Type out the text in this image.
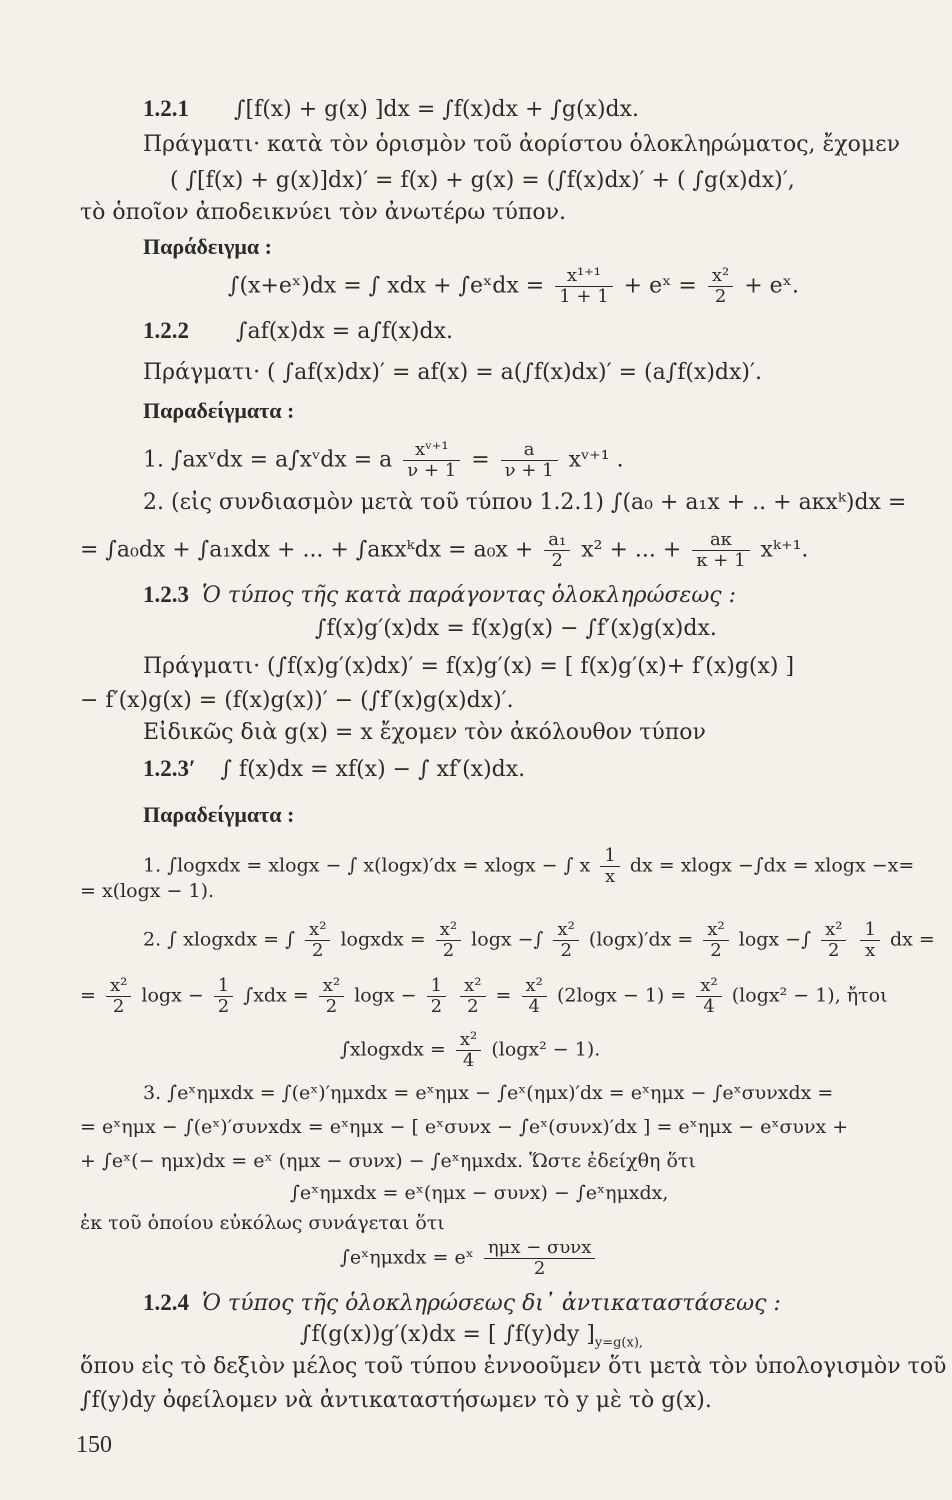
1.2.1 ∫[f(x) + g(x) ]dx = ∫f(x)dx + ∫g(x)dx.
Πράγματι· κατὰ τὸν ὁρισμὸν τοῦ ἀορίστου ὁλοκληρώματος, ἔχομεν
( ∫[f(x) + g(x)]dx)′ = f(x) + g(x) = (∫f(x)dx)′ + ( ∫g(x)dx)′,
τὸ ὁποῖον ἀποδεικνύει τὸν ἀνωτέρω τύπον.
Παράδειγμα :
∫(x+eˣ)dx = ∫ xdx + ∫eˣdx = $\frac{\text{x¹⁺¹}}{1 + 1}$ + eˣ = $\frac{\text{x²}}{2}$ + eˣ.
1.2.2 ∫af(x)dx = a∫f(x)dx.
Πράγματι· ( ∫af(x)dx)′ = af(x) = a(∫f(x)dx)′ = (a∫f(x)dx)′.
Παραδείγματα :
1. ∫axᵛdx = a∫xᵛdx = a $\frac{\text{xᵛ⁺¹}}{\nu + 1} = \frac{a}{\nu + 1}$ xᵛ⁺¹ .
2. (εἰς συνδιασμὸν μετὰ τοῦ τύπου 1.2.1) ∫(a₀ + a₁x + .. + aκxᵏ)dx =
= ∫a₀dx + ∫a₁xdx + ... + ∫aκxᵏdx = $a_0x + \frac{\text{a₁}}{2} x^2$ + ... + $\frac{a\kappa}{\kappa + 1}$ xᵏ⁺¹.
1.2.3 Ὁ τύπος τῆς κατὰ παράγοντας ὁλοκληρώσεως :
∫f(x)g′(x)dx = f(x)g(x) − ∫f′(x)g(x)dx.
Πράγματι· (∫f(x)g′(x)dx)′ = f(x)g′(x) = [ f(x)g′(x)+ f′(x)g(x) ]
− f′(x)g(x) = (f(x)g(x))′ − (∫f′(x)g(x)dx)′.
Εἰδικῶς διὰ g(x) = x ἔχομεν τὸν ἀκόλουθον τύπον
1.2.3′ ∫ f(x)dx = xf(x) − ∫ xf′(x)dx.
Παραδείγματα :
1. ∫logxdx = xlogx − ∫ x(logx)′dx = xlogx − ∫ x $\frac{1}{x}$ dx = xlogx −∫dx = xlogx −x=
= x(logx − 1).
2. ∫ xlogxdx = ∫ $\frac{\text{x²}}{2}$ logxdx = $\frac{\text{x²}}{2}$ logx −∫ $\frac{\text{x²}}{2} (\log x)'dx = \frac{\text{x²}}{2}$ logx −∫ $\frac{\text{x²}}{2}$
$\frac{1}{x}$ dx =
= $\frac{\text{x²}}{2}$ $\log x - \frac{1}{2} \int xdx = \frac{\text{x²}}{2}$ $\log x - \frac{1}{2}$
$\frac{\text{x²}}{2} = \frac{\text{x²}}{4} (2\log x - 1) = \frac{\text{x²}}{4} (\log x^2 - 1)$, ἤτοι
∫xlogxdx = $\frac{\text{x²}}{4} (\log x^2 - 1)$.
3. ∫eˣημxdx = ∫(eˣ)′ημxdx = eˣημx − ∫eˣ(ημx)′dx = eˣημx − ∫eˣσυνxdx =
= eˣημx − ∫(eˣ)′συνxdx = eˣημx − [ eˣσυνx − ∫eˣ(συνx)′dx ] = eˣημx − eˣσυνx +
+ ∫eˣ(− ημx)dx = eˣ (ημx − συνx) − ∫eˣημxdx. Ὥστε ἐδείχθη ὅτι
∫eˣημxdx = eˣ(ημx − συνx) − ∫eˣημxdx,
ἐκ τοῦ ὁποίου εὐκόλως συνάγεται ὅτι
∫eˣημxdx = eˣ $\frac{\text{ημx − συνx}}{2}$
1.2.4 Ὁ τύπος τῆς ὁλοκληρώσεως δι᾽ ἀντικαταστάσεως :
∫f(g(x))g′(x)dx = [ ∫f(y)dy ]$_{y=g(x),}$
ὅπου εἰς τὸ δεξιὸν μέλος τοῦ τύπου ἐννοοῦμεν ὅτι μετὰ τὸν ὑπολογισμὸν τοῦ
∫f(y)dy ὀφείλομεν νὰ ἀντικαταστήσωμεν τὸ y μὲ τὸ g(x).
150
